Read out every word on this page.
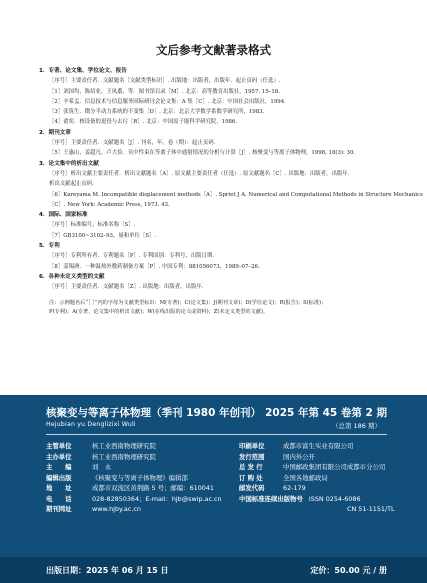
文后参考文献著录格式
1．专著、论文集、学位论文、报告
［序号］主要责任者．文献题名［文献类型标识］. 出版地：出版者，出版年．起止页码（任选）.
［1］刘国均，陈绍业，王凤翥，等．图书馆目录［M］. 北京：高等教育出版社，1957. 15–18.
［2］辛希孟．信息技术与信息服务国际研讨会论文集：A 集［C］. 北京：中国社会出版社，1994.
［3］张筑生．微分半动力系统的不变集［D］. 北京：北京大学数学系数学研究所，1983.
［4］俞奕．核设备的退役与去污［R］. 北京：中国原子能科学研究院，1986.
2．期刊文章
［序号］主要责任者．文献题名［J］. 刊名，年，卷（期）：起止页码．
［5］王惠山，姜超凡，卢大俭．氘中性束在等离子体中通射情况的分析与计算［J］. 核聚变与等离子体物理，1998, 18(3): 30.
3．论文集中的析出文献
［序号］析出文献主要责任者．析出文献题名［A］. 原文献主要责任者（任选）. 原文献题名［C］. 出版地：出版者，出版年．
析出文献起止页码．
［6］Kareyama M. Incompatible displacement methods［A］. Spriet J A. Numerical and Computational Methods in Structure Mechanics
［C］. New York: Academic Press, 1973. 43.
4．国际、国家标准
［序号］标准编号，标准名称［S］.
［7］GB3100~3102–93，量和单位［S］.
5．专利
［序号］专利所有者．专利题名［P］. 专利国别：专利号，出版日期．
［8］姜锡洲．一种温热外敷药制备方案［P］. 中国专利：881056073，1989–07–26.
6．各种未定义类型的文献
［序号］主要责任者．文献题名［Z］. 出版地：出版者，出版年．
注：示例题名后“［ ］”内的字母为文献类型标识：M(专著)；C(论文集)；J(期刊文章)；D(学位论文)；R(报告)；S(标准)；
P(专利)；A(专著、论文集中的析出文献)；W(在线出版的论文或资料)；Z(未定义类型的文献)。
核聚变与等离子体物理（季刊 1980 年创刊）
Hejubian yu Denglizixi Wuli
2025 年第 45 卷第 2 期
（总第 186 期）
主管单位	核工业西南物理研究院
主办单位	核工业西南物理研究院
主　　编	刘　永
编辑出版	《核聚变与等离子体物理》编辑部
地　　址	成都市双流区黄荆路 5 号；邮编：610041
电　　话	028-82850364；E-mail：hjb@swip.ac.cn
期刊网址	www.hjby.ac.cn
印刷单位	成都市富生实业有限公司
发行范围	国内外公开
总 发 行	中国邮政集团有限公司成都市分公司
订 购 处	全国各地邮政局
邮发代码	62-179
中国标准连续出版物号 ISSN 0254-6086
CN 51-1151/TL
出版日期：2025 年 06 月 15 日	定价：50.00 元 / 册
